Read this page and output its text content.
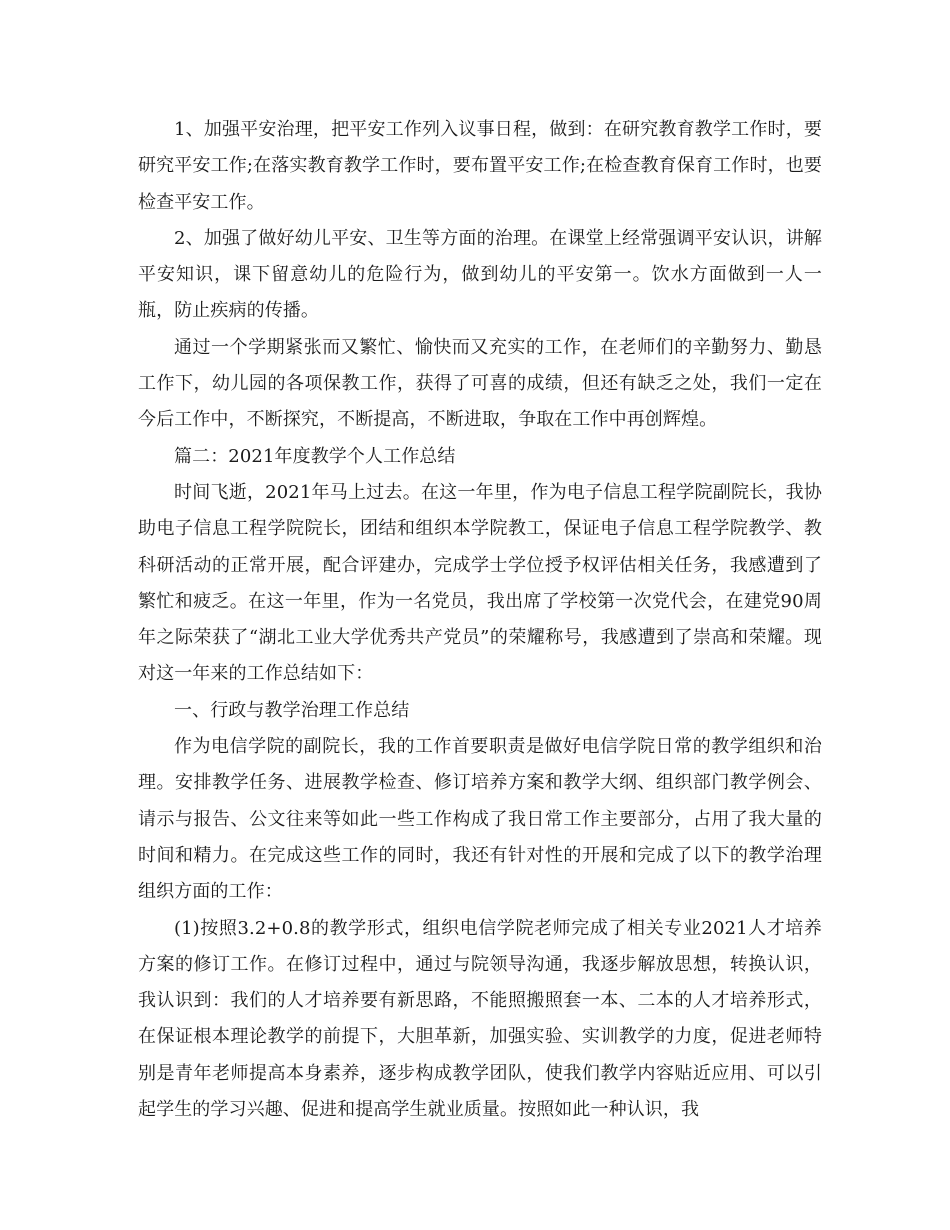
1、加强平安治理，把平安工作列入议事日程，做到：在研究教育教学工作时，要研究平安工作;在落实教育教学工作时，要布置平安工作;在检查教育保育工作时，也要检查平安工作。

2、加强了做好幼儿平安、卫生等方面的治理。在课堂上经常强调平安认识，讲解平安知识，课下留意幼儿的危险行为，做到幼儿的平安第一。饮水方面做到一人一瓶，防止疾病的传播。

通过一个学期紧张而又繁忙、愉快而又充实的工作，在老师们的辛勤努力、勤恳工作下，幼儿园的各项保教工作，获得了可喜的成绩，但还有缺乏之处，我们一定在今后工作中，不断探究，不断提高，不断进取，争取在工作中再创辉煌。

篇二：2021年度教学个人工作总结

时间飞逝，2021年马上过去。在这一年里，作为电子信息工程学院副院长，我协助电子信息工程学院院长，团结和组织本学院教工，保证电子信息工程学院教学、教科研活动的正常开展，配合评建办，完成学士学位授予权评估相关任务，我感遭到了繁忙和疲乏。在这一年里，作为一名党员，我出席了学校第一次党代会，在建党90周年之际荣获了“湖北工业大学优秀共产党员”的荣耀称号，我感遭到了崇高和荣耀。现对这一年来的工作总结如下：

一、行政与教学治理工作总结

作为电信学院的副院长，我的工作首要职责是做好电信学院日常的教学组织和治理。安排教学任务、进展教学检查、修订培养方案和教学大纲、组织部门教学例会、请示与报告、公文往来等如此一些工作构成了我日常工作主要部分，占用了我大量的时间和精力。在完成这些工作的同时，我还有针对性的开展和完成了以下的教学治理组织方面的工作：

(1)按照3.2+0.8的教学形式，组织电信学院老师完成了相关专业2021人才培养方案的修订工作。在修订过程中，通过与院领导沟通，我逐步解放思想，转换认识，我认识到：我们的人才培养要有新思路，不能照搬照套一本、二本的人才培养形式，在保证根本理论教学的前提下，大胆革新，加强实验、实训教学的力度，促进老师特别是青年老师提高本身素养，逐步构成教学团队，使我们教学内容贴近应用、可以引起学生的学习兴趣、促进和提高学生就业质量。按照如此一种认识，我
